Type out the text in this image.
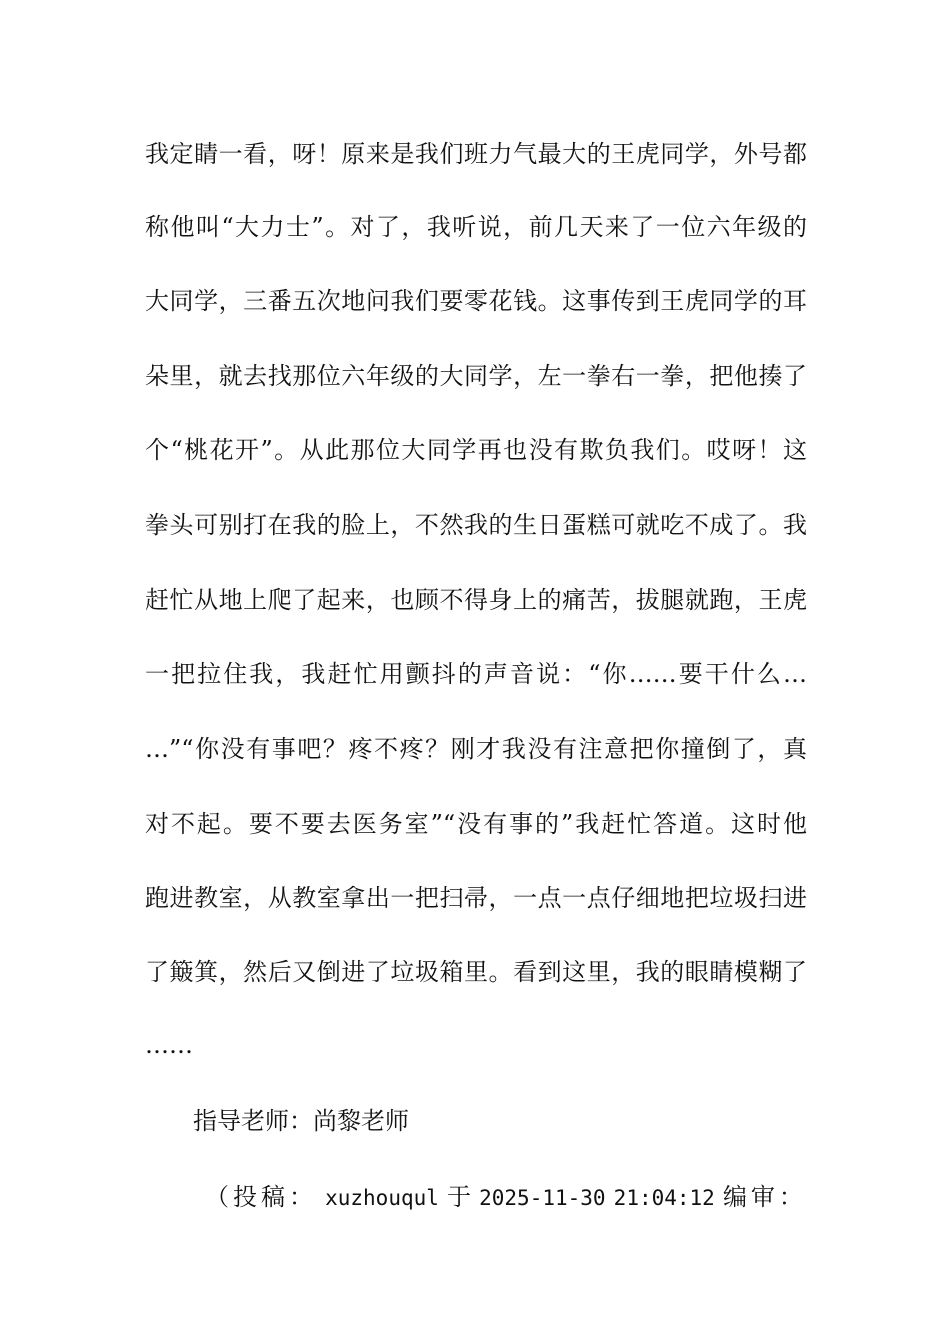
我定睛一看，呀！原来是我们班力气最大的王虎同学，外号都
称他叫“大力士”。对了，我听说，前几天来了一位六年级的
大同学，三番五次地问我们要零花钱。这事传到王虎同学的耳
朵里，就去找那位六年级的大同学，左一拳右一拳，把他揍了
个“桃花开”。从此那位大同学再也没有欺负我们。哎呀！这
拳头可别打在我的脸上，不然我的生日蛋糕可就吃不成了。我
赶忙从地上爬了起来，也顾不得身上的痛苦，拔腿就跑，王虎
一把拉住我，我赶忙用颤抖的声音说：“你……要干什么…
…”“你没有事吧？疼不疼？刚才我没有注意把你撞倒了，真
对不起。要不要去医务室”“没有事的”我赶忙答道。这时他
跑进教室，从教室拿出一把扫帚，一点一点仔细地把垃圾扫进
了簸箕，然后又倒进了垃圾箱里。看到这里，我的眼睛模糊了
……
指导老师：尚黎老师
（投稿： xuzhouqul 于 2025-11-30 21:04:12 编审：
